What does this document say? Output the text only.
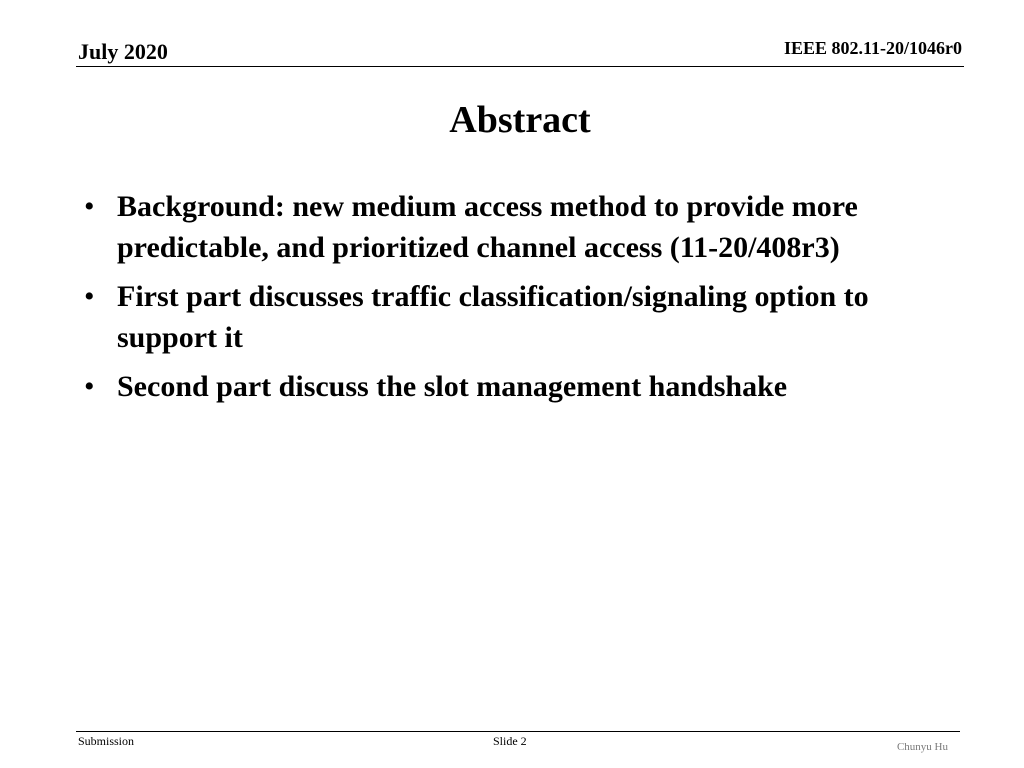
July 2020	IEEE 802.11-20/1046r0
Abstract
• Background: new medium access method to provide more predictable, and prioritized channel access (11-20/408r3)
• First part discusses traffic classification/signaling option to support it
• Second part discuss the slot management handshake
Submission	Slide 2	Chunyu Hu
